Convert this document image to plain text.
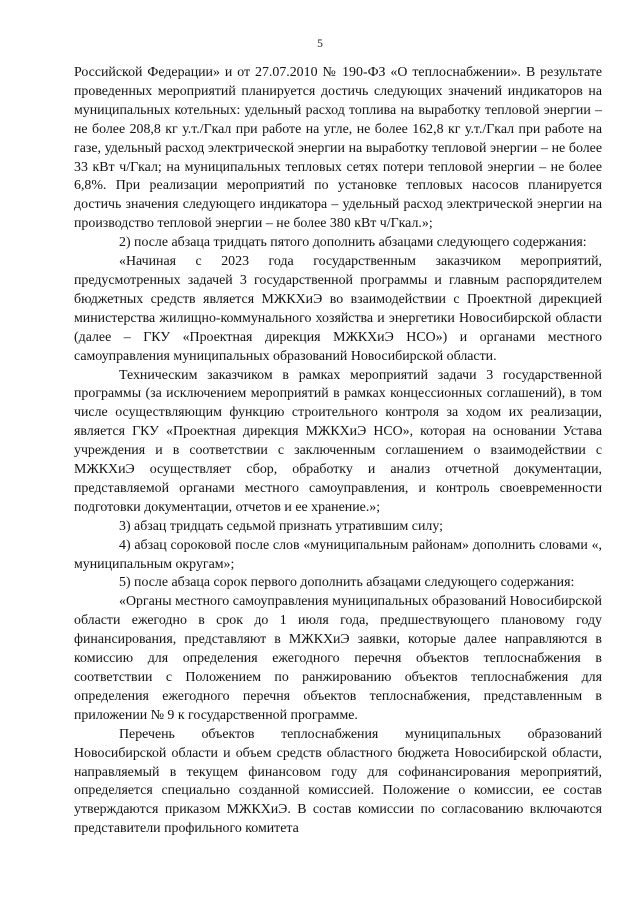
5

Российской Федерации» и от 27.07.2010 № 190-ФЗ «О теплоснабжении». В результате проведенных мероприятий планируется достичь следующих значений индикаторов на муниципальных котельных: удельный расход топлива на выработку тепловой энергии – не более 208,8 кг у.т./Гкал при работе на угле, не более 162,8 кг у.т./Гкал при работе на газе, удельный расход электрической энергии на выработку тепловой энергии – не более 33 кВт ч/Гкал; на муниципальных тепловых сетях потери тепловой энергии – не более 6,8%. При реализации мероприятий по установке тепловых насосов планируется достичь значения следующего индикатора – удельный расход электрической энергии на производство тепловой энергии – не более 380 кВт ч/Гкал.»;

2) после абзаца тридцать пятого дополнить абзацами следующего содержания:

«Начиная с 2023 года государственным заказчиком мероприятий, предусмотренных задачей 3 государственной программы и главным распорядителем бюджетных средств является МЖКХиЭ во взаимодействии с Проектной дирекцией министерства жилищно-коммунального хозяйства и энергетики Новосибирской области (далее – ГКУ «Проектная дирекция МЖКХиЭ НСО») и органами местного самоуправления муниципальных образований Новосибирской области.

Техническим заказчиком в рамках мероприятий задачи 3 государственной программы (за исключением мероприятий в рамках концессионных соглашений), в том числе осуществляющим функцию строительного контроля за ходом их реализации, является ГКУ «Проектная дирекция МЖКХиЭ НСО», которая на основании Устава учреждения и в соответствии с заключенным соглашением о взаимодействии с МЖКХиЭ осуществляет сбор, обработку и анализ отчетной документации, представляемой органами местного самоуправления, и контроль своевременности подготовки документации, отчетов и ее хранение.»;

3) абзац тридцать седьмой признать утратившим силу;

4) абзац сороковой после слов «муниципальным районам» дополнить словами «, муниципальным округам»;

5) после абзаца сорок первого дополнить абзацами следующего содержания:

«Органы местного самоуправления муниципальных образований Новосибирской области ежегодно в срок до 1 июля года, предшествующего плановому году финансирования, представляют в МЖКХиЭ заявки, которые далее направляются в комиссию для определения ежегодного перечня объектов теплоснабжения в соответствии с Положением по ранжированию объектов теплоснабжения для определения ежегодного перечня объектов теплоснабжения, представленным в приложении № 9 к государственной программе.

Перечень объектов теплоснабжения муниципальных образований Новосибирской области и объем средств областного бюджета Новосибирской области, направляемый в текущем финансовом году для софинансирования мероприятий, определяется специально созданной комиссией. Положение о комиссии, ее состав утверждаются приказом МЖКХиЭ. В состав комиссии по согласованию включаются представители профильного комитета
